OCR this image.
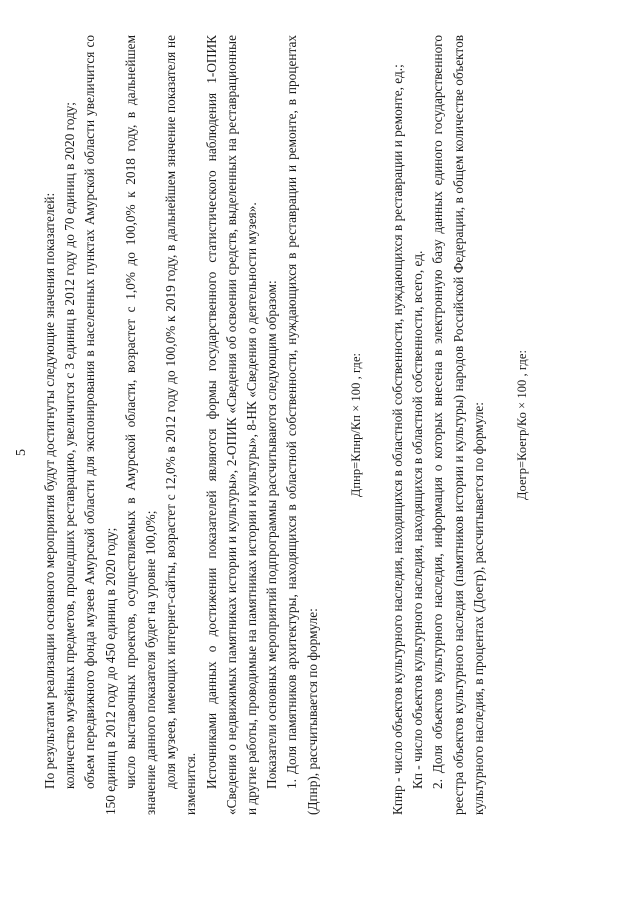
5 По результатам реализации основного мероприятия будут достигнуты следующие значения показателей: количество музейных предметов, прошедших реставрацию, увеличится с 3 единиц в 2012 году до 70 единиц в 2020 году; объем передвижного фонда музеев Амурской области для экспонирования в населенных пунктах Амурской области увеличится со 150 единиц в 2012 году до 450 единиц в 2020 году; число выставочных проектов, осуществляемых в Амурской области, возрастет с 1,0% до 100,0% к 2018 году, в дальнейшем значение данного показателя будет на уровне 100,0%; доля музеев, имеющих интернет-сайты, возрастет с 12,0% в 2012 году до 100,0% к 2019 году, в дальнейшем значение показателя не изменится. Источниками данных о достижении показателей являются формы государственного статистического наблюдения 1-ОПИК «Сведения о недвижимых памятниках истории и культуры», 2-ОПИК «Сведения об освоении средств, выделенных на реставрационные и другие работы, проводимые на памятниках истории и культуры», 8-НК «Сведения о деятельности музея». Показатели основных мероприятий подпрограммы рассчитываются следующим образом: 1. Доля памятников архитектуры, находящихся в областной собственности, нуждающихся в реставрации и ремонте, в процентах (Дпнр), рассчитывается по формуле:

Дпнр=Кпнр/Кп × 100 , где:	Кпнр - число объектов культурного наследия, находящихся в областной собственности, нуждающихся в реставрации и ремонте, ед.; Кп - число объектов культурного наследия, находящихся в областной собственности, всего, ед. 2. Доля объектов культурного наследия, информация о которых внесена в электронную базу данных единого государственного реестра объектов культурного наследия (памятников истории и культуры) народов Российской Федерации, в общем количестве объектов культурного наследия, в процентах (Доегр), рассчитывается по формуле:	Доегр=Коегр/Ко × 100 , где:
